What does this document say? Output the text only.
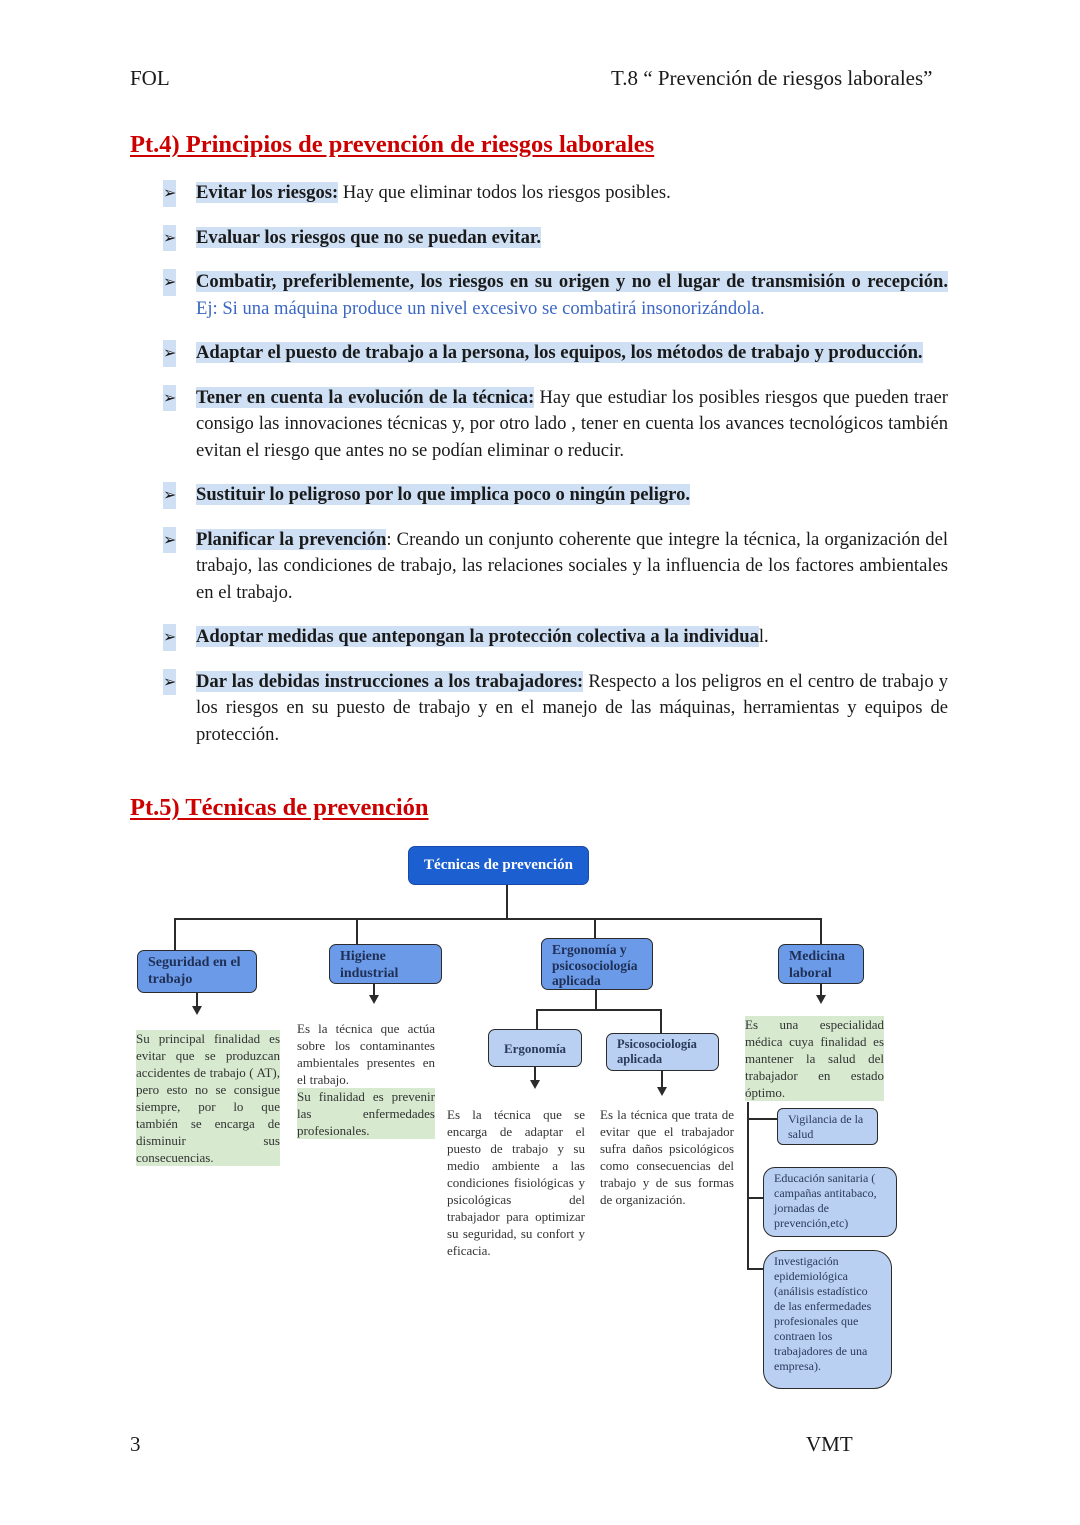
FOL	T.8 “ Prevención de riesgos laborales”
Pt.4) Principios de prevención de riesgos laborales
➢ Evitar los riesgos: Hay que eliminar todos los riesgos posibles.
➢ Evaluar los riesgos que no se puedan evitar.
➢ Combatir, preferiblemente, los riesgos en su origen y no el lugar de transmisión o recepción. Ej: Si una máquina produce un nivel excesivo se combatirá insonorizándola.
➢ Adaptar el puesto de trabajo a la persona, los equipos, los métodos de trabajo y producción.
➢ Tener en cuenta la evolución de la técnica: Hay que estudiar los posibles riesgos que pueden traer consigo las innovaciones técnicas y, por otro lado , tener en cuenta los avances tecnológicos también evitan el riesgo que antes no se podían eliminar o reducir.
➢ Sustituir lo peligroso por lo que implica poco o ningún peligro.
➢ Planificar la prevención: Creando un conjunto coherente que integre la técnica, la organización del trabajo, las condiciones de trabajo, las relaciones sociales y la influencia de los factores ambientales en el trabajo.
➢ Adoptar medidas que antepongan la protección colectiva a la individual.
➢ Dar las debidas instrucciones a los trabajadores: Respecto a los peligros en el centro de trabajo y los riesgos en su puesto de trabajo y en el manejo de las máquinas, herramientas y equipos de protección.
Pt.5) Técnicas de prevención
Técnicas de prevención
Seguridad en el trabajo

Su principal finalidad es evitar que se produzcan accidentes de trabajo ( AT), pero esto no se consigue siempre, por lo que también se encarga de disminuir sus consecuencias.

Higiene industrial

Es la técnica que actúa sobre los contaminantes ambientales presentes en el trabajo.

Su finalidad es prevenir las enfermedades profesionales.

Ergonomía y psicosociología aplicada
Ergonomía

Es la técnica que se encarga de adaptar el puesto de trabajo y su medio ambiente a las condiciones fisiológicas y psicológicas del trabajador para optimizar su seguridad, su confort y eficacia.

Psicosociología aplicada

Es la técnica que trata de evitar que el trabajador sufra daños psicológicos como consecuencias del trabajo y de sus formas de organización.

Medicina laboral

Es una especialidad médica cuya finalidad es mantener la salud del trabajador en estado óptimo.

Vigilancia de la salud
Educación sanitaria ( campañas antitabaco, jornadas de prevención,etc)
Investigación epidemiológica (análisis estadístico de las enfermedades profesionales que contraen los trabajadores de una empresa).
3	VMT
